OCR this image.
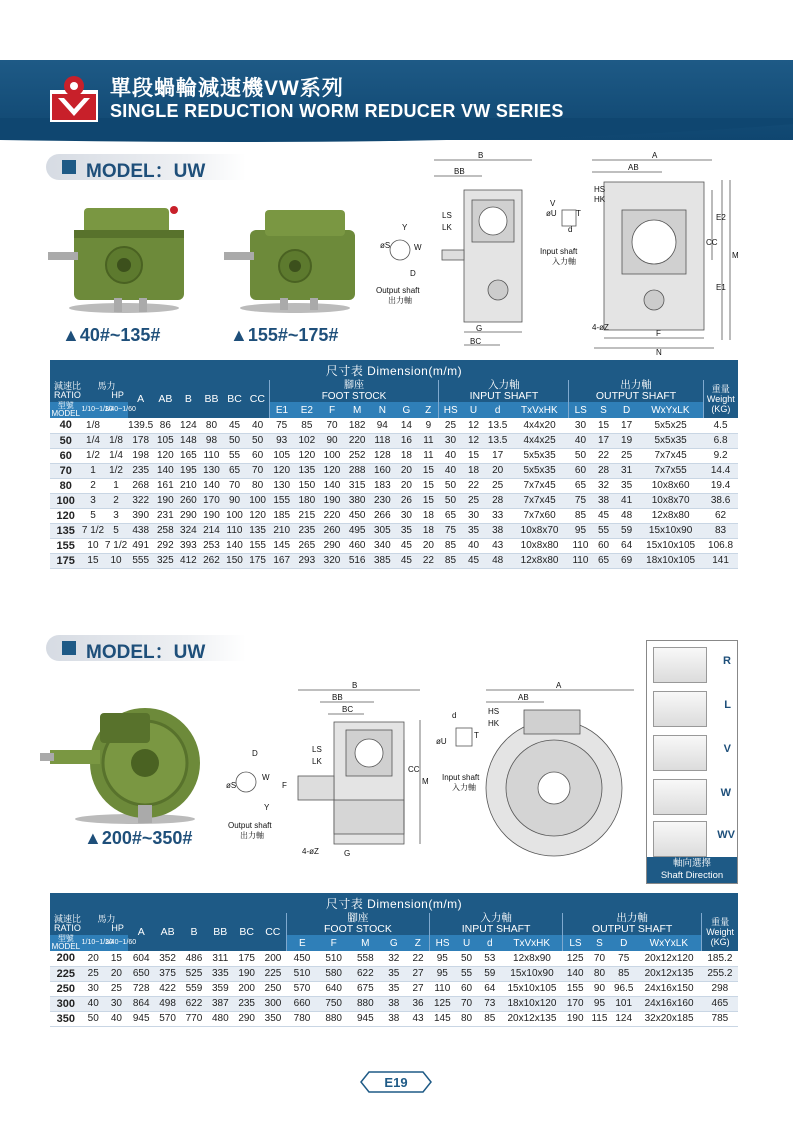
單段蝸輪減速機VW系列
SINGLE REDUCTION WORM REDUCER VW SERIES
MODEL：UW
▲40#~135#	▲155#~175#
B
BB
LS
LK
øS
Y
W
D
Output shaft
出力軸
V
øU T
d
Input shaft
入力軸
G
BC
A
AB
HS
HK
4-øZ
F
N
E2
CC
M
E1
尺寸表 Dimension(m/m)																								
減速比 馬力
RATIO HP			A	AB	B	BB	BC	CC	腳座
FOOT STOCK							入力軸
INPUT SHAFT				出力軸
OUTPUT SHAFT				重量
Weight
(KG)
型號
MODEL	1/10~1/30	1/40~1/60							E1	E2	F	M	N	G	Z	HS	U	d	TxVxHK	LS	S	D	WxYxLK	
40	1/8		139.5	86	124	80	45	40	75	85	70	182	94	14	9	25	12	13.5	4x4x20	30	15	17	5x5x25	4.5
50	1/4	1/8	178	105	148	98	50	50	93	102	90	220	118	16	11	30	12	13.5	4x4x25	40	17	19	5x5x35	6.8
60	1/2	1/4	198	120	165	110	55	60	105	120	100	252	128	18	11	40	15	17	5x5x35	50	22	25	7x7x45	9.2
70	1	1/2	235	140	195	130	65	70	120	135	120	288	160	20	15	40	18	20	5x5x35	60	28	31	7x7x55	14.4
80	2	1	268	161	210	140	70	80	130	150	140	315	183	20	15	50	22	25	7x7x45	65	32	35	10x8x60	19.4
100	3	2	322	190	260	170	90	100	155	180	190	380	230	26	15	50	25	28	7x7x45	75	38	41	10x8x70	38.6
120	5	3	390	231	290	190	100	120	185	215	220	450	266	30	18	65	30	33	7x7x60	85	45	48	12x8x80	62
135	7 1/2	5	438	258	324	214	110	135	210	235	260	495	305	35	18	75	35	38	10x8x70	95	55	59	15x10x90	83
155	10	7 1/2	491	292	393	253	140	155	145	265	290	460	340	45	20	85	40	43	10x8x80	110	60	64	15x10x105	106.8
175	15	10	555	325	412	262	150	175	167	293	320	516	385	45	22	85	45	48	12x8x80	110	65	69	18x10x105	141
MODEL：UW
▲200#~350#
B
BB
BC
LS
LK
D
øS
W
Y
F
Output shaft
出力軸
4-øZ	G
CC
M
d
øU
T
Input shaft
入力軸
A
AB
HS
HK
R
L
V
W
WV
軸向選擇
Shaft Direction
尺寸表 Dimension(m/m)																						
減速比 馬力
RATIO HP			A	AB	B	BB	BC	CC	腳座
FOOT STOCK					入力軸
INPUT SHAFT				出力軸
OUTPUT SHAFT				重量
Weight
(KG)
型號
MODEL	1/10~1/30	1/40~1/60							E	F	M	G	Z	HS	U	d	TxVxHK	LS	S	D	WxYxLK	
200	20	15	604	352	486	311	175	200	450	510	558	32	22	95	50	53	12x8x90	125	70	75	20x12x120	185.2
225	25	20	650	375	525	335	190	225	510	580	622	35	27	95	55	59	15x10x90	140	80	85	20x12x135	255.2
250	30	25	728	422	559	359	200	250	570	640	675	35	27	110	60	64	15x10x105	155	90	96.5	24x16x150	298
300	40	30	864	498	622	387	235	300	660	750	880	38	36	125	70	73	18x10x120	170	95	101	24x16x160	465
350	50	40	945	570	770	480	290	350	780	880	945	38	43	145	80	85	20x12x135	190	115	124	32x20x185	785
E19
